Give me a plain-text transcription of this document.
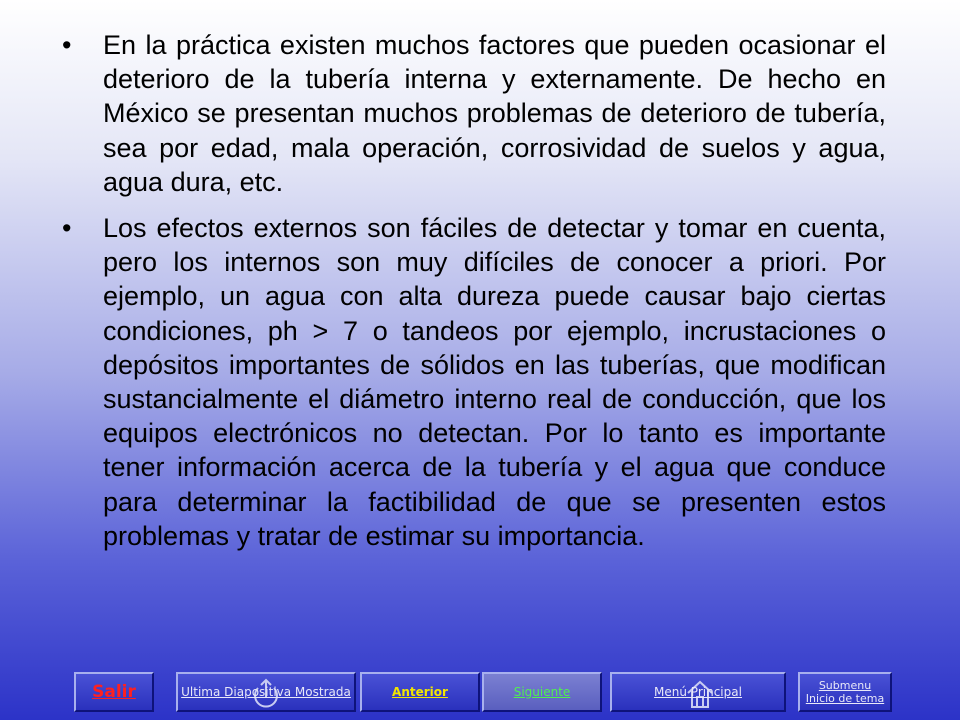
• En la práctica existen muchos factores que pueden ocasionar el deterioro de la tubería interna y externamente. De hecho en México se presentan muchos problemas de deterioro de tubería, sea por edad, mala operación, corrosividad de suelos y agua, agua dura, etc.

• Los efectos externos son fáciles de detectar y tomar en cuenta, pero los internos son muy difíciles de conocer a priori. Por ejemplo, un agua con alta dureza puede causar bajo ciertas condiciones, ph > 7 o tandeos por ejemplo, incrustaciones o depósitos importantes de sólidos en las tuberías, que modifican sustancialmente el diámetro interno real de conducción, que los equipos electrónicos no detectan. Por lo tanto es importante tener información acerca de la tubería y el agua que conduce para determinar la factibilidad de que se presenten estos problemas y tratar de estimar su importancia.

Salir	Ultima Diapositiva Mostrada	Anterior	Siguiente	Menú Principal	Submenu
Inicio de tema
